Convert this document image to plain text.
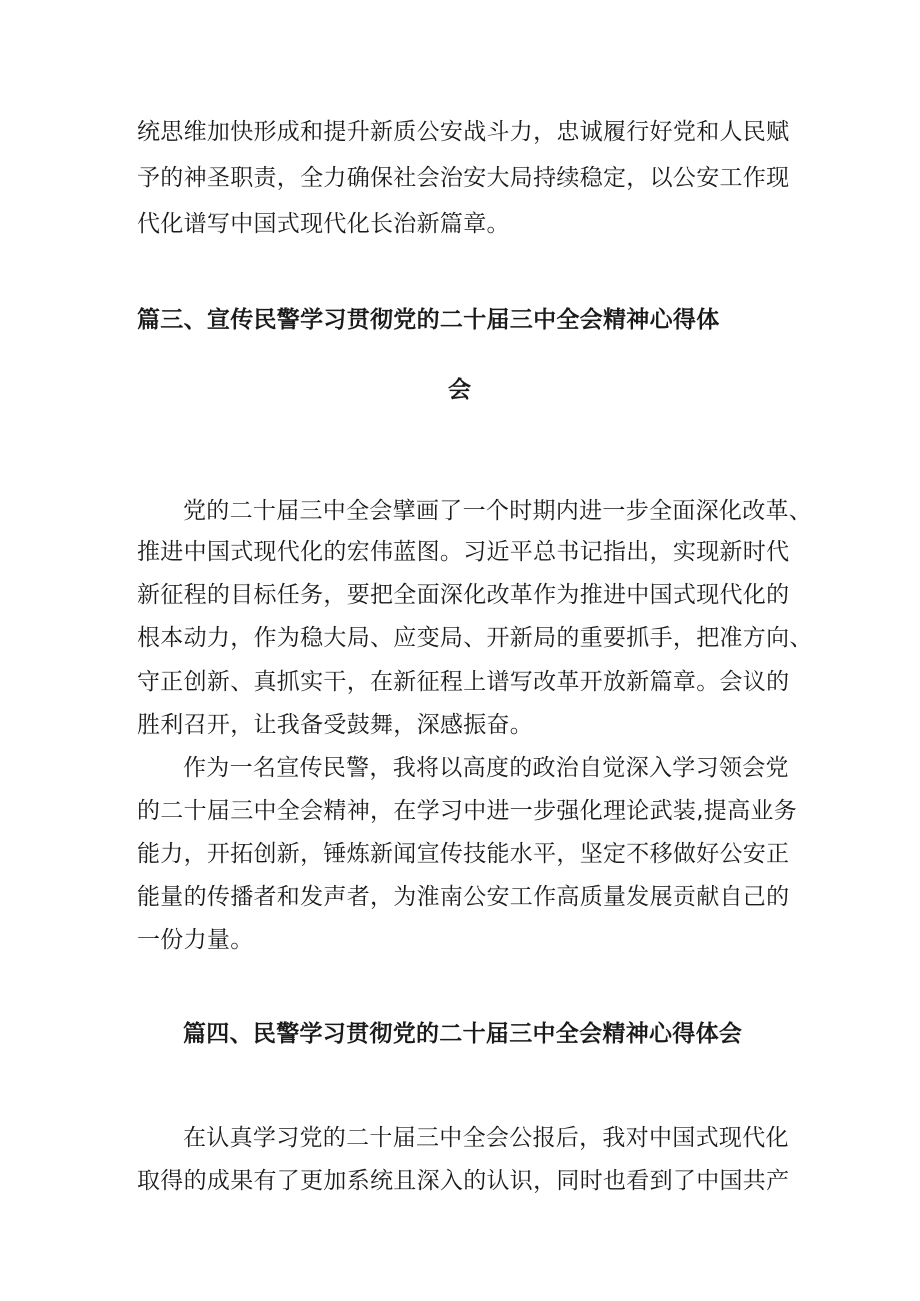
统思维加快形成和提升新质公安战斗力，忠诚履行好党和人民赋
予的神圣职责，全力确保社会治安大局持续稳定，以公安工作现
代化谱写中国式现代化长治新篇章。
篇三、宣传民警学习贯彻党的二十届三中全会精神心得体
会
党的二十届三中全会擘画了一个时期内进一步全面深化改革、
推进中国式现代化的宏伟蓝图。习近平总书记指出，实现新时代
新征程的目标任务，要把全面深化改革作为推进中国式现代化的
根本动力，作为稳大局、应变局、开新局的重要抓手，把准方向、
守正创新、真抓实干，在新征程上谱写改革开放新篇章。会议的
胜利召开，让我备受鼓舞，深感振奋。
作为一名宣传民警，我将以高度的政治自觉深入学习领会党
的二十届三中全会精神，在学习中进一步强化理论武装,提高业务
能力，开拓创新，锤炼新闻宣传技能水平，坚定不移做好公安正
能量的传播者和发声者，为淮南公安工作高质量发展贡献自己的
一份力量。
篇四、民警学习贯彻党的二十届三中全会精神心得体会
在认真学习党的二十届三中全会公报后，我对中国式现代化
取得的成果有了更加系统且深入的认识，同时也看到了中国共产
